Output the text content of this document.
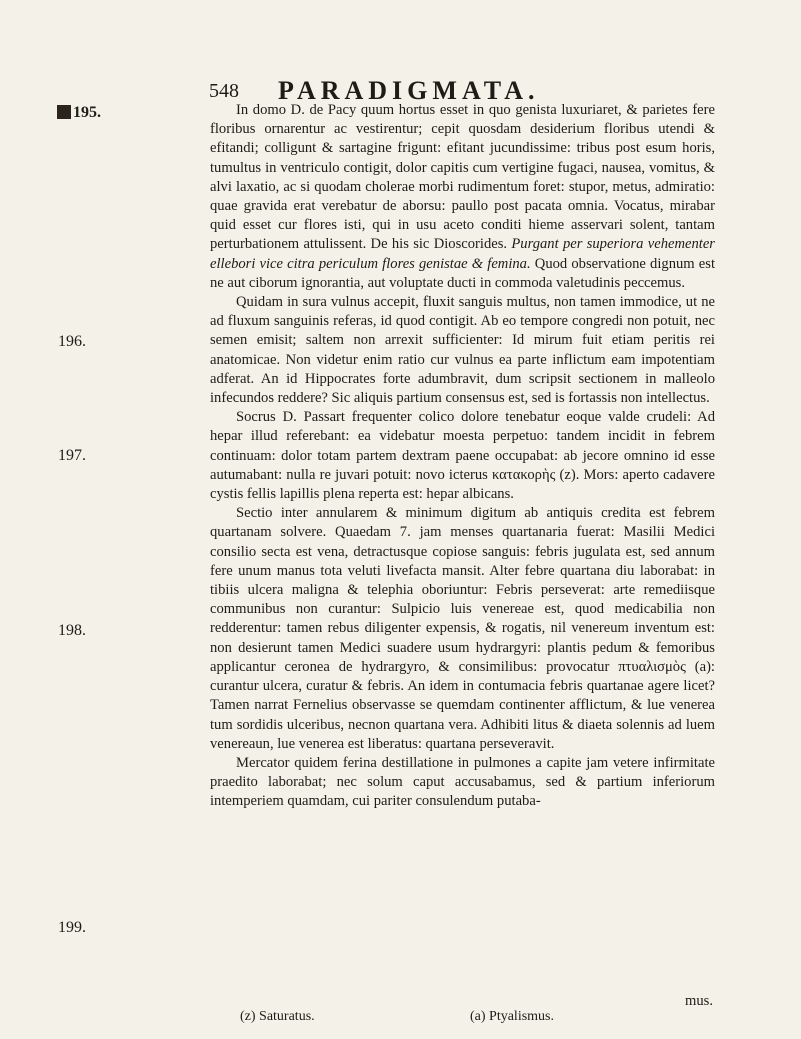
195.
548 PARADIGMATA.
196.
197.
198.
199.

In domo D. de Pacy quum hortus esset in quo genista luxuriaret, & parietes fere floribus ornarentur ac vestirentur; cepit quosdam desiderium floribus utendi & efitandi; colligunt & sartagine frigunt: efitant jucundissime: tribus post esum horis, tumultus in ventriculo contigit, dolor capitis cum vertigine fugaci, nausea, vomitus, & alvi laxatio, ac si quodam cholerae morbi rudimentum foret: stupor, metus, admiratio: quae gravida erat verebatur de aborsu: paullo post pacata omnia. Vocatus, mirabar quid esset cur flores isti, qui in usu aceto conditi hieme asservari solent, tantam perturbationem attulissent. De his sic Dioscorides. Purgant per superiora vehementer ellebori vice citra periculum flores genistae & femina. Quod observatione dignum est ne aut ciborum ignorantia, aut voluptate ducti in commoda valetudinis peccemus.

Quidam in sura vulnus accepit, fluxit sanguis multus, non tamen immodice, ut ne ad fluxum sanguinis referas, id quod contigit. Ab eo tempore congredi non potuit, nec semen emisit; saltem non arrexit sufficienter: Id mirum fuit etiam peritis rei anatomicae. Non videtur enim ratio cur vulnus ea parte inflictum eam impotentiam adferat. An id Hippocrates forte adumbravit, dum scripsit sectionem in malleolo infecundos reddere? Sic aliquis partium consensus est, sed is fortassis non intellectus.

Socrus D. Passart frequenter colico dolore tenebatur eoque valde crudeli: Ad hepar illud referebant: ea videbatur moesta perpetuo: tandem incidit in febrem continuam: dolor totam partem dextram paene occupabat: ab jecore omnino id esse autumabant: nulla re juvari potuit: novo icterus κατακορὴς (z). Mors: aperto cadavere cystis fellis lapillis plena reperta est: hepar albicans.

Sectio inter annularem & minimum digitum ab antiquis credita est febrem quartanam solvere. Quaedam 7. jam menses quartanaria fuerat: Masilii Medici consilio secta est vena, detractusque copiose sanguis: febris jugulata est, sed annum fere unum manus tota veluti livefacta mansit. Alter febre quartana diu laborabat: in tibiis ulcera maligna & telephia oboriuntur: Febris perseverat: arte remediisque communibus non curantur: Sulpicio luis venereae est, quod medicabilia non redderentur: tamen rebus diligenter expensis, & rogatis, nil venereum inventum est: non desierunt tamen Medici suadere usum hydrargyri: plantis pedum & femoribus applicantur ceronea de hydrargyro, & consimilibus: provocatur πτυαλισμὸς (a): curantur ulcera, curatur & febris. An idem in contumacia febris quartanae agere licet? Tamen narrat Fernelius observasse se quemdam continenter afflictum, & lue venerea tum sordidis ulceribus, necnon quartana vera. Adhibiti litus & diaeta solennis ad luem venereaun, lue venerea est liberatus: quartana perseveravit.

Mercator quidem ferina destillatione in pulmones a capite jam vetere infirmitate praedito laborabat; nec solum caput accusabamus, sed & partium inferiorum intemperiem quamdam, cui pariter consulendum putaba-

mus.
(z) Saturatus.	(a) Ptyalismus.
